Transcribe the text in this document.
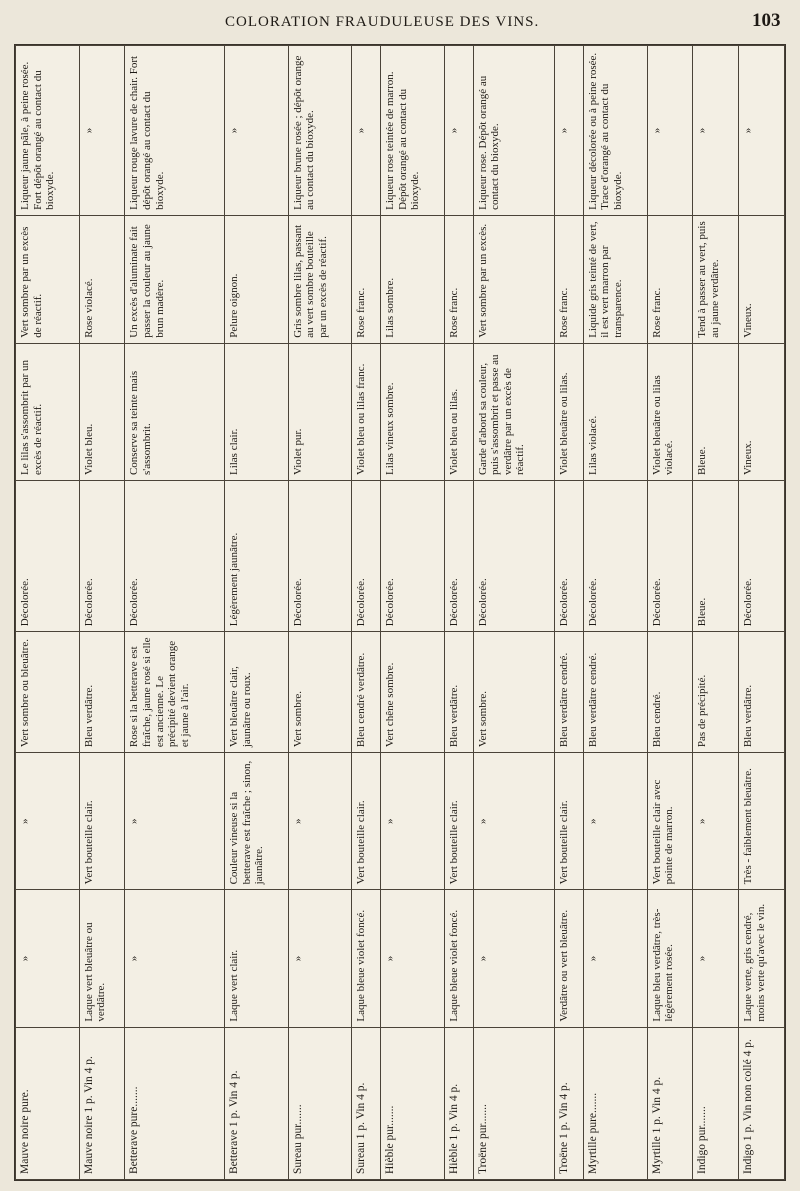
COLORATION FRAUDULEUSE DES VINS.	103
Mauve noire pure.	»	»	Vert sombre ou bleuâtre.	Décolorée.	Le lilas s'assombrit par un excès de réactif.	Vert sombre par un excès de réactif.	Liqueur jaune pâle, à peine rosée. Fort dépôt orangé au contact du bioxyde.
Mauve noire 1 p. Vin 4 p.	Laque vert bleuâtre ou verdâtre.	Vert bouteille clair.	Bleu verdâtre.	Décolorée.	Violet bleu.	Rose violacé.	»
Betterave pure.......	»	»	Rose si la betterave est fraîche, jaune rosé si elle est ancienne. Le précipité devient orange et jaune à l'air.	Décolorée.	Conserve sa teinte mais s'assombrit.	Un excès d'aluminate fait passer la couleur au jaune brun madère.	Liqueur rouge lavure de chair. Fort dépôt orangé au contact du bioxyde.
Betterave 1 p. Vin 4 p.	Laque vert clair.	Couleur vineuse si la betterave est fraîche ; sinon, jaunâtre.	Vert bleuâtre clair, jaunâtre ou roux.	Légèrement jaunâtre.	Lilas clair.	Pelure oignon.	»
Sureau pur.......	»	»	Vert sombre.	Décolorée.	Violet pur.	Gris sombre lilas, passant au vert sombre bouteille par un excès de réactif.	Liqueur brune rosée ; dépôt orange au contact du bioxyde.
Sureau 1 p. Vin 4 p.	Laque bleue violet foncé.	Vert bouteille clair.	Bleu cendré verdâtre.	Décolorée.	Violet bleu ou lilas franc.	Rose franc.	»
Hièble pur.......	»	»	Vert chêne sombre.	Décolorée.	Lilas vineux sombre.	Lilas sombre.	Liqueur rose teintée de marron. Dépôt orangé au contact du bioxyde.
Hièble 1 p. Vin 4 p.	Laque bleue violet foncé.	Vert bouteille clair.	Bleu verdâtre.	Décolorée.	Violet bleu ou lilas.	Rose franc.	»
Troëne pur.......	»	»	Vert sombre.	Décolorée.	Garde d'abord sa couleur, puis s'assombrit et passe au verdâtre par un excès de réactif.	Vert sombre par un excès.	Liqueur rose. Dépôt orangé au contact du bioxyde.
Troëne 1 p. Vin 4 p.	Verdâtre ou vert bleuâtre.	Vert bouteille clair.	Bleu verdâtre cendré.	Décolorée.	Violet bleuâtre ou lilas.	Rose franc.	»
Myrtille pure.......	»	»	Bleu verdâtre cendré.	Décolorée.	Lilas violacé.	Liquide gris teinté de vert, il est vert marron par transparence.	Liqueur décolorée ou à peine rosée. Trace d'orangé au contact du bioxyde.
Myrtille 1 p. Vin 4 p.	Laque bleu verdâtre, très-légèrement rosée.	Vert bouteille clair avec pointe de marron.	Bleu cendré.	Décolorée.	Violet bleuâtre ou lilas violacé.	Rose franc.	»
Indigo pur.......	»	»	Pas de précipité.	Bleue.	Bleue.	Tend à passer au vert, puis au jaune verdâtre.	»
Indigo 1 p. Vin non collé 4 p.	Laque verte, gris cendré, moins verte qu'avec le vin.	Très - faiblement bleuâtre.	Bleu verdâtre.	Décolorée.	Vineux.	Vineux.	»
